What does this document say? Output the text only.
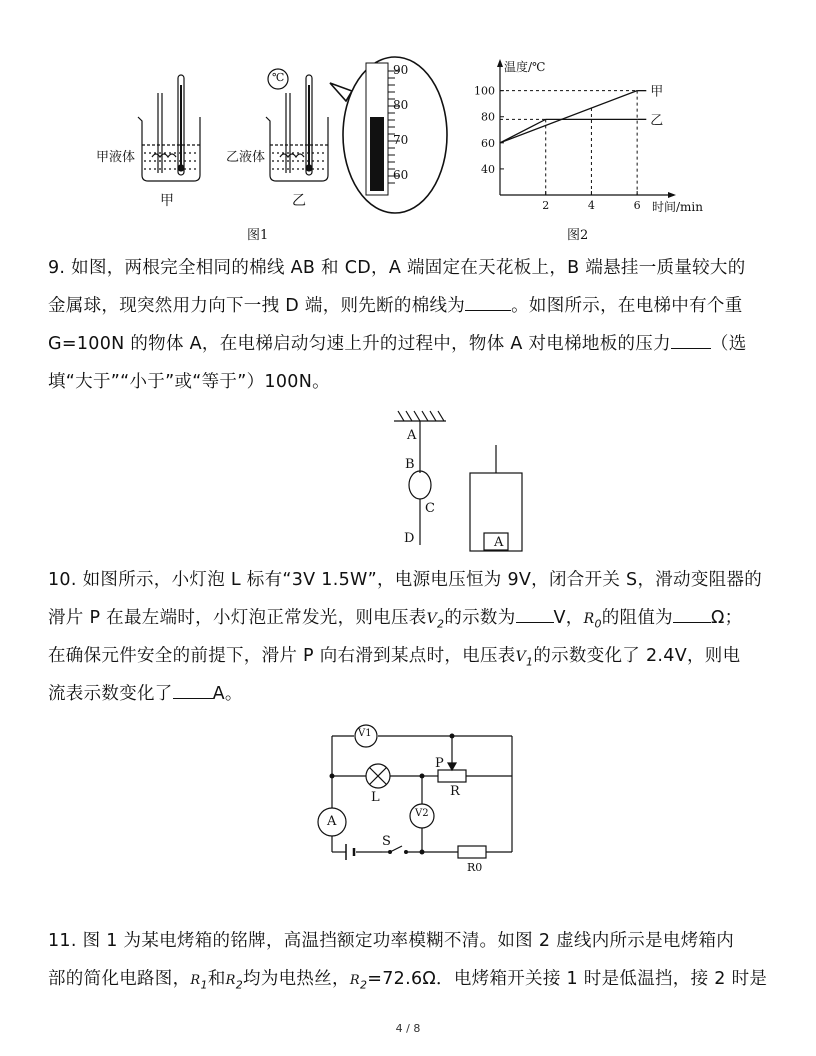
甲液体	乙液体
甲	乙
℃
90
80
70
60
图1
40
60
80
100
2	4	6
甲
乙
温度/℃
时间/min
图2
9. 如图，两根完全相同的棉线 AB 和 CD，A 端固定在天花板上，B 端悬挂一质量较大的
金属球，现突然用力向下一拽 D 端，则先断的棉线为	。如图所示，在电梯中有个重
G=100N 的物体 A，在电梯启动匀速上升的过程中，物体 A 对电梯地板的压力 （选
填“大于”“小于”或“等于”）100N。
A
B
C
D	A
10. 如图所示，小灯泡 L 标有“3V 1.5W”，电源电压恒为 9V，闭合开关 S，滑动变阻器的
滑片 P 在最左端时，小灯泡正常发光，则电压表$V_2$的示数为 V，$R_0$的阻值为 Ω；
在确保元件安全的前提下，滑片 P 向右滑到某点时，电压表$V_1$的示数变化了 2.4V，则电
流表示数变化了 A。
V1
A
V2
L
P
R
S
R0
11. 图 1 为某电烤箱的铭牌，高温挡额定功率模糊不清。如图 2 虚线内所示是电烤箱内
部的简化电路图，$R_1$和$R_2$均为电热丝，$R_2=72.6\Omega$．电烤箱开关接 1 时是低温挡，接 2 时是
4 / 8
